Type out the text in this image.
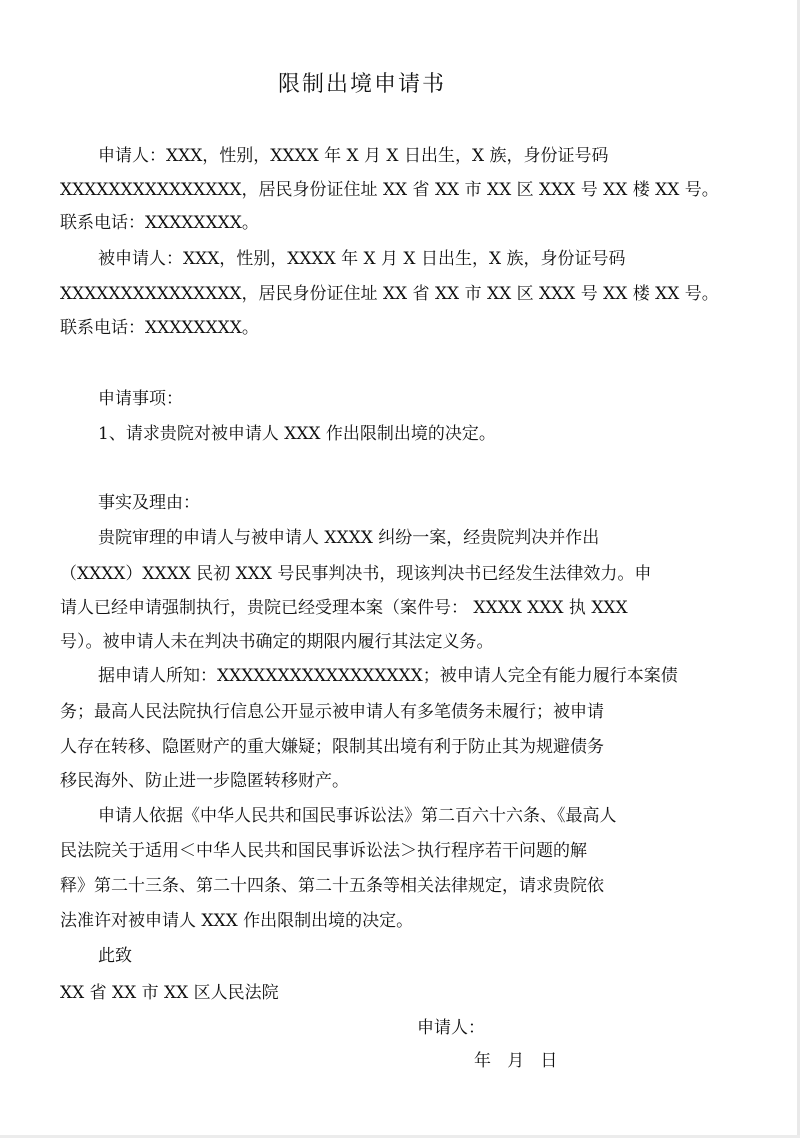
限制出境申请书
申请人：XXX，性别，XXXX 年 X 月 X 日出生，X 族，身份证号码
XXXXXXXXXXXXXXX，居民身份证住址 XX 省 XX 市 XX 区 XXX 号 XX 楼 XX 号。
联系电话：XXXXXXXX。
被申请人：XXX，性别，XXXX 年 X 月 X 日出生，X 族，身份证号码
XXXXXXXXXXXXXXX，居民身份证住址 XX 省 XX 市 XX 区 XXX 号 XX 楼 XX 号。
联系电话：XXXXXXXX。
申请事项：
1、请求贵院对被申请人 XXX 作出限制出境的决定。
事实及理由：
贵院审理的申请人与被申请人 XXXX 纠纷一案，经贵院判决并作出
（XXXX）XXXX 民初 XXX 号民事判决书，现该判决书已经发生法律效力。申
请人已经申请强制执行，贵院已经受理本案（案件号： XXXX XXX 执 XXX
号）。被申请人未在判决书确定的期限内履行其法定义务。
据申请人所知：XXXXXXXXXXXXXXXXX；被申请人完全有能力履行本案债
务；最高人民法院执行信息公开显示被申请人有多笔债务未履行；被申请
人存在转移、隐匿财产的重大嫌疑；限制其出境有利于防止其为规避债务
移民海外、防止进一步隐匿转移财产。
申请人依据《中华人民共和国民事诉讼法》第二百六十六条、《最高人
民法院关于适用＜中华人民共和国民事诉讼法＞执行程序若干问题的解
释》第二十三条、第二十四条、第二十五条等相关法律规定，请求贵院依
法准许对被申请人 XXX 作出限制出境的决定。
此致
XX 省 XX 市 XX 区人民法院
申请人：
年   月   日
